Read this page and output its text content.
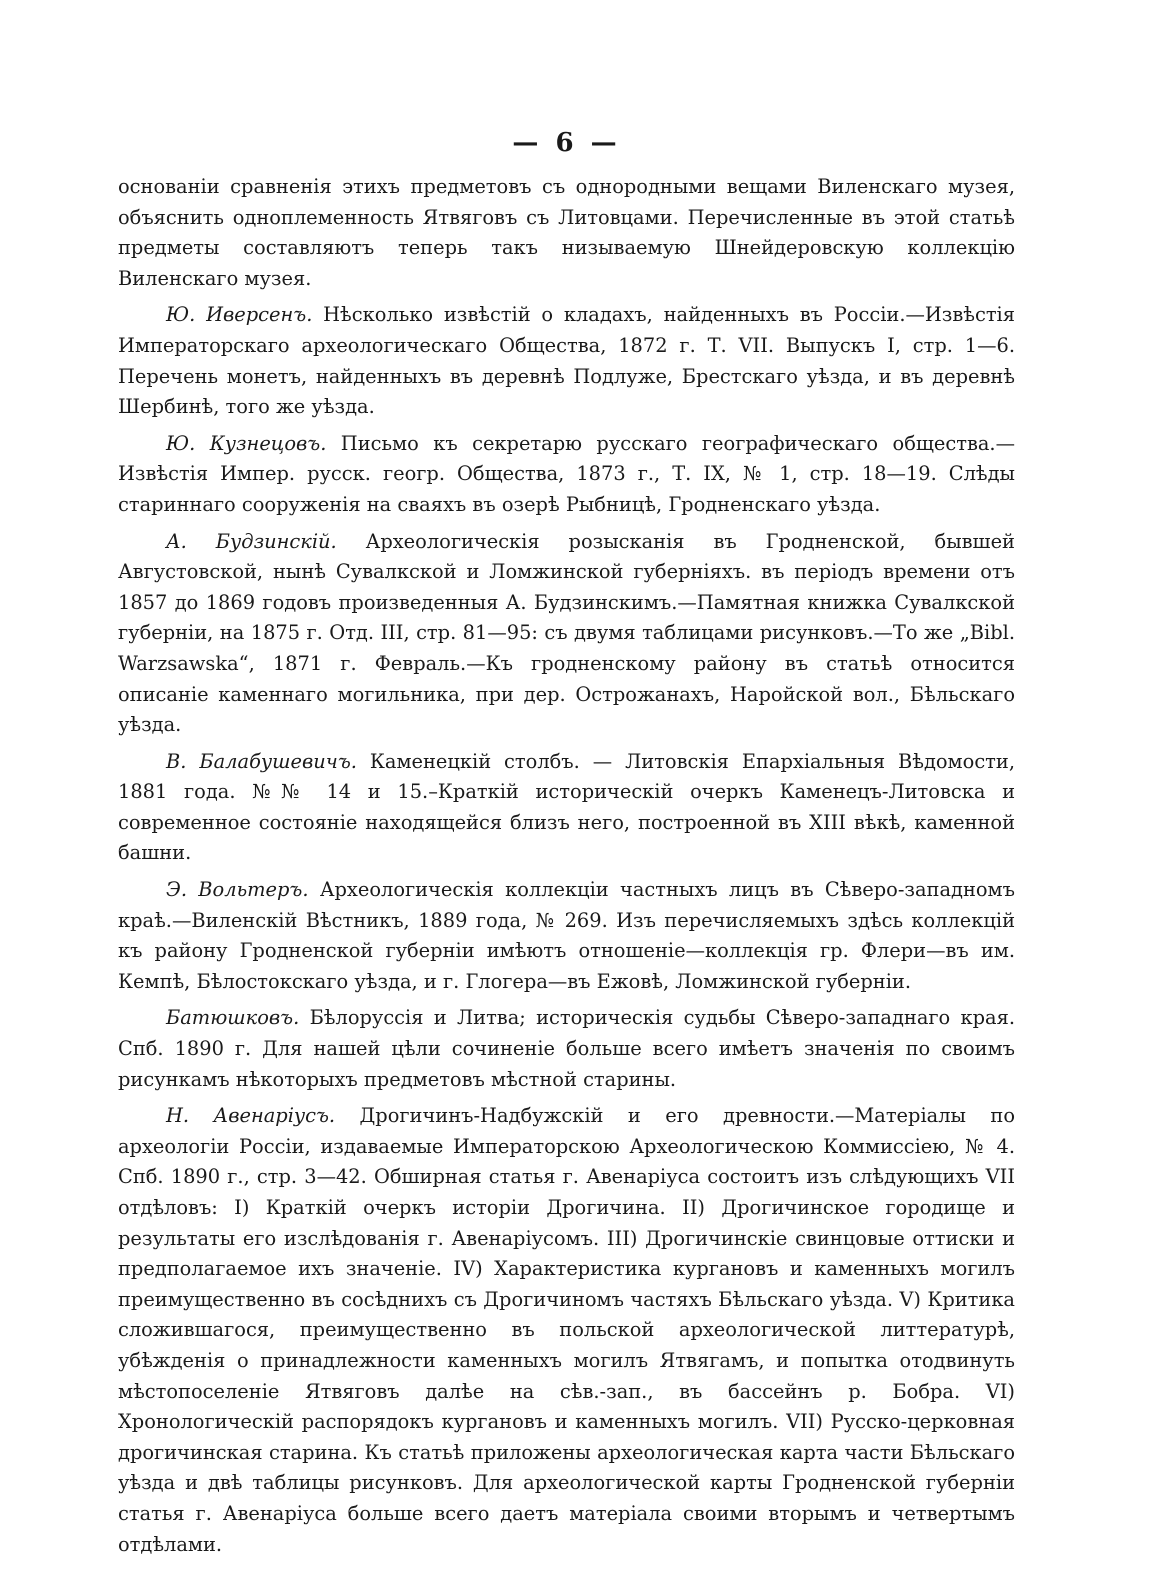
— 6 —

основаніи сравненія этихъ предметовъ съ однородными вещами Виленскаго музея, объяснить одноплеменность Ятвяговъ съ Литовцами. Перечисленные въ этой статьѣ предметы составляютъ теперь такъ низываемую Шнейдеровскую коллекцію Виленскаго музея.

Ю. Иверсенъ. Нѣсколько извѣстій о кладахъ, найденныхъ въ Россіи.—Извѣстія Императорскаго археологическаго Общества, 1872 г. Т. VII. Выпускъ I, стр. 1—6. Перечень монетъ, найденныхъ въ деревнѣ Подлуже, Брестскаго уѣзда, и въ деревнѣ Шербинѣ, того же уѣзда.

Ю. Кузнецовъ. Письмо къ секретарю русскаго географическаго общества.—Извѣстія Импер. русск. геогр. Общества, 1873 г., Т. IX, № 1, стр. 18—19. Слѣды стариннаго сооруженія на сваяхъ въ озерѣ Рыбницѣ, Гродненскаго уѣзда.

А. Будзинскій. Археологическія розысканія въ Гродненской, бывшей Августовской, нынѣ Сувалкской и Ломжинской губерніяхъ. въ періодъ времени отъ 1857 до 1869 годовъ произведенныя А. Будзинскимъ.—Памятная книжка Сувалкской губерніи, на 1875 г. Отд. III, стр. 81—95: съ двумя таблицами рисунковъ.—То же „Bibl. Warzsawska“, 1871 г. Февраль.—Къ гродненскому району въ статьѣ относится описаніе каменнаго могильника, при дер. Острожанахъ, Наройской вол., Бѣльскаго уѣзда.

В. Балабушевичъ. Каменецкій столбъ. — Литовскія Епархіальныя Вѣдомости, 1881 года. №№ 14 и 15.–Краткій историческій очеркъ Каменецъ-Литовска и современное состояніе находящейся близъ него, построенной въ XIII вѣкѣ, каменной башни.

Э. Вольтеръ. Археологическія коллекціи частныхъ лицъ въ Сѣверо-западномъ краѣ.—Виленскій Вѣстникъ, 1889 года, № 269. Изъ перечисляемыхъ здѣсь коллекцій къ району Гродненской губерніи имѣютъ отношеніе—коллекція гр. Флери—въ им. Кемпѣ, Бѣлостокскаго уѣзда, и г. Глогера—въ Ежовѣ, Ломжинской губерніи.

Батюшковъ. Бѣлоруссія и Литва; историческія судьбы Сѣверо-западнаго края. Спб. 1890 г. Для нашей цѣли сочиненіе больше всего имѣетъ значенія по своимъ рисункамъ нѣкоторыхъ предметовъ мѣстной старины.

Н. Авенаріусъ. Дрогичинъ-Надбужскій и его древности.—Матеріалы по археологіи Россіи, издаваемые Императорскою Археологическою Коммиссіею, № 4. Спб. 1890 г., стр. 3—42. Обширная статья г. Авенаріуса состоитъ изъ слѣдующихъ VII отдѣловъ: I) Краткій очеркъ исторіи Дрогичина. II) Дрогичинское городище и результаты его изслѣдованія г. Авенаріусомъ. III) Дрогичинскіе свинцовые оттиски и предполагаемое ихъ значеніе. IV) Характеристика кургановъ и каменныхъ могилъ преимущественно въ сосѣднихъ съ Дрогичиномъ частяхъ Бѣльскаго уѣзда. V) Критика сложившагося, преимущественно въ польской археологической литтературѣ, убѣжденія о принадлежности каменныхъ могилъ Ятвягамъ, и попытка отодвинуть мѣстопоселеніе Ятвяговъ далѣе на сѣв.-зап., въ бассейнъ р. Бобра. VI) Хронологическій распорядокъ кургановъ и каменныхъ могилъ. VII) Русско-церковная дрогичинская старина. Къ статьѣ приложены археологическая карта части Бѣльскаго уѣзда и двѣ таблицы рисунковъ. Для археологической карты Гродненской губерніи статья г. Авенаріуса больше всего даетъ матеріала своими вторымъ и четвертымъ отдѣлами.
